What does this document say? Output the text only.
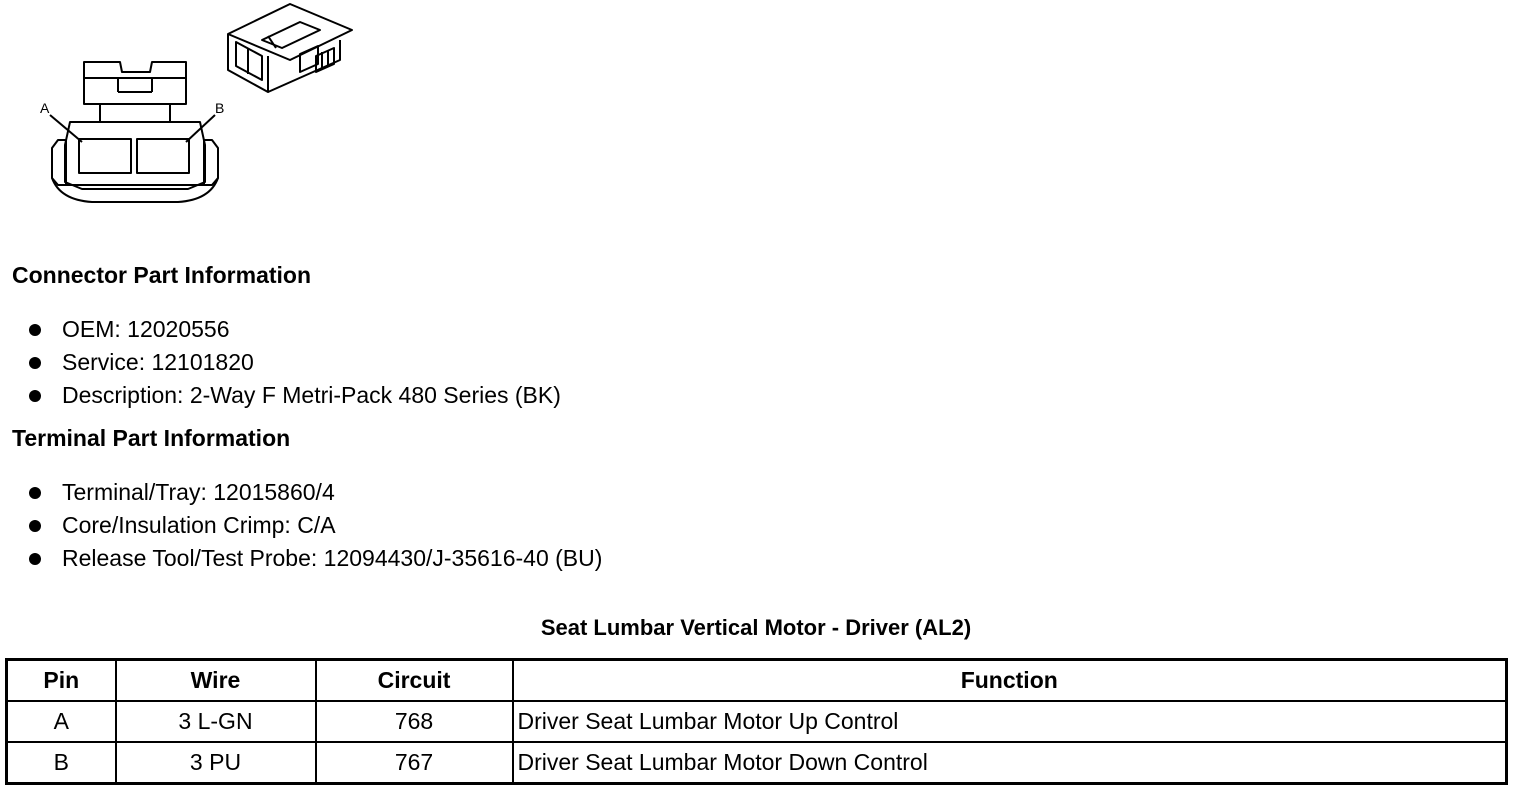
A	B
Connector Part Information
OEM: 12020556
Service: 12101820
Description: 2-Way F Metri-Pack 480 Series (BK)
Terminal Part Information
Terminal/Tray: 12015860/4
Core/Insulation Crimp: C/A
Release Tool/Test Probe: 12094430/J-35616-40 (BU)
Seat Lumbar Vertical Motor - Driver (AL2)
Pin	Wire	Circuit	Function
A	3 L-GN	768	Driver Seat Lumbar Motor Up Control
B	3 PU	767	Driver Seat Lumbar Motor Down Control
